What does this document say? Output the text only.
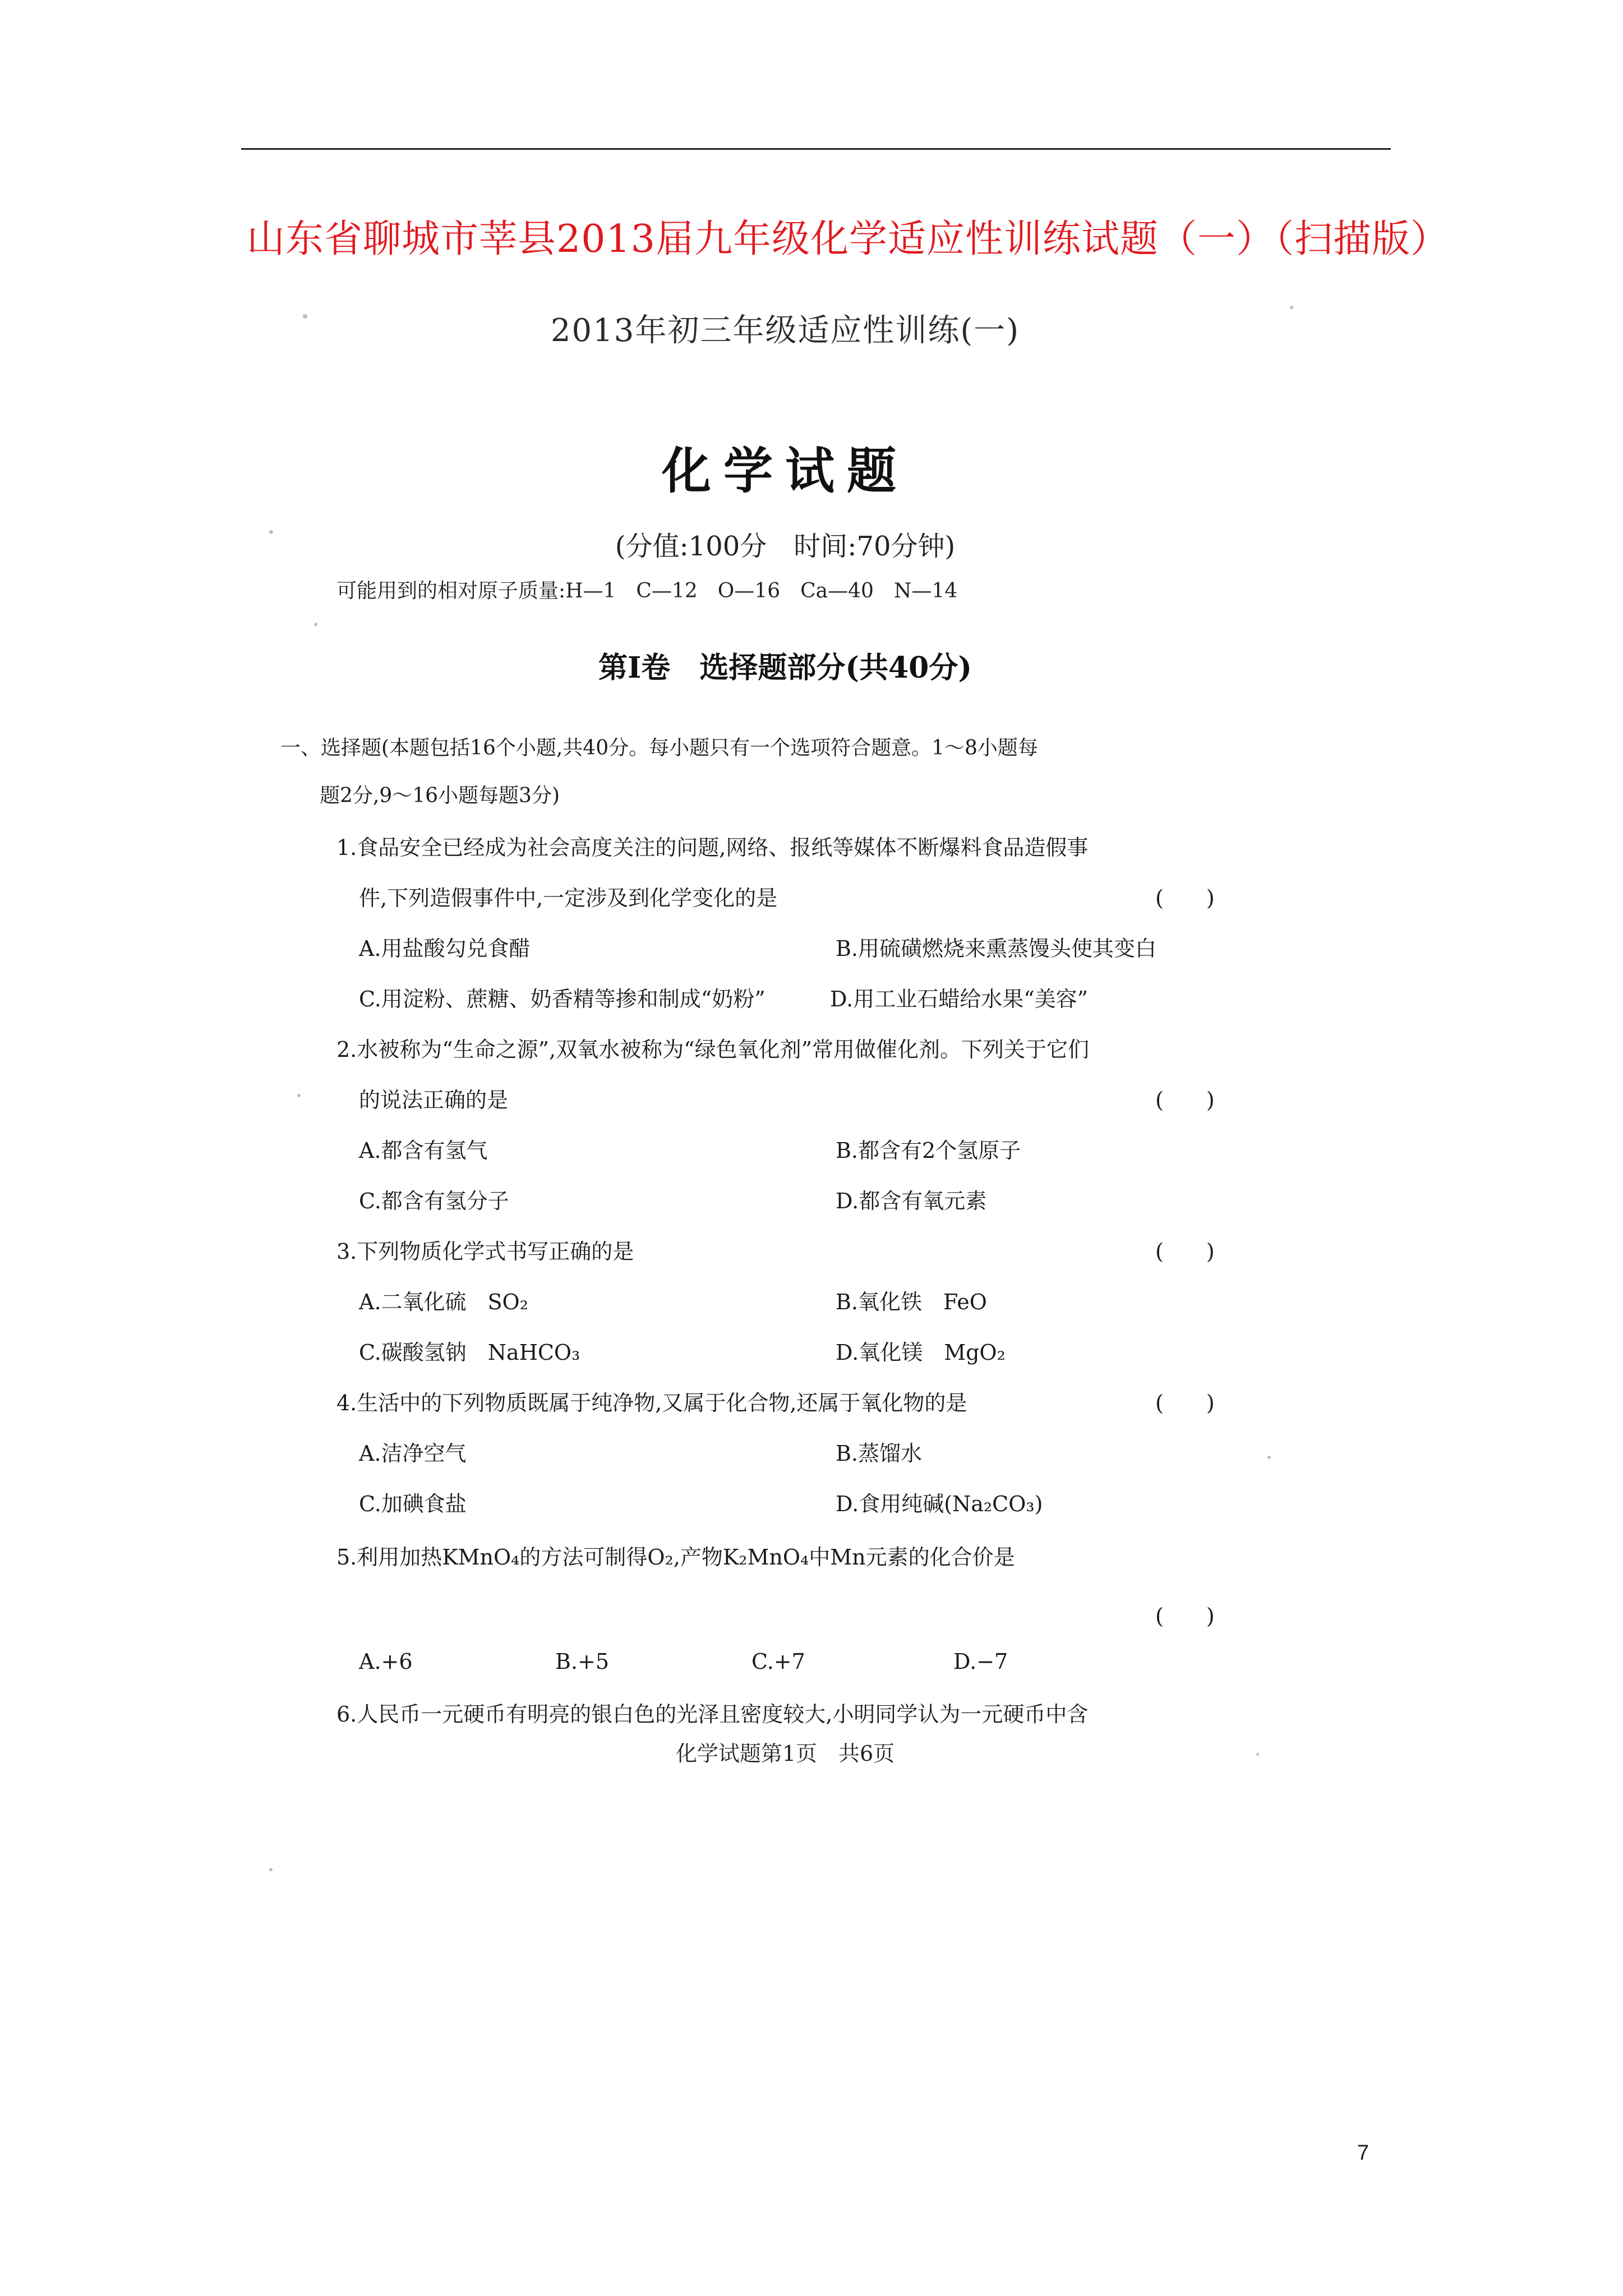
山东省聊城市莘县2013届九年级化学适应性训练试题（一）（扫描版）
2013年初三年级适应性训练(一)
化学试题
(分值:100分　时间:70分钟)
可能用到的相对原子质量:H—1　C—12　O—16　Ca—40　N—14
第Ⅰ卷　选择题部分(共40分)
一、选择题(本题包括16个小题,共40分。每小题只有一个选项符合题意。1～8小题每
题2分,9～16小题每题3分)
1.食品安全已经成为社会高度关注的问题,网络、报纸等媒体不断爆料食品造假事
件,下列造假事件中,一定涉及到化学变化的是	(　　)
A.用盐酸勾兑食醋	B.用硫磺燃烧来熏蒸馒头使其变白
C.用淀粉、蔗糖、奶香精等掺和制成“奶粉”	D.用工业石蜡给水果“美容”
2.水被称为“生命之源”,双氧水被称为“绿色氧化剂”常用做催化剂。下列关于它们
的说法正确的是	(　　)
A.都含有氢气	B.都含有2个氢原子
C.都含有氢分子	D.都含有氧元素
3.下列物质化学式书写正确的是	(　　)
A.二氧化硫　SO₂	B.氧化铁　FeO
C.碳酸氢钠　NaHCO₃	D.氧化镁　MgO₂
4.生活中的下列物质既属于纯净物,又属于化合物,还属于氧化物的是	(　　)
A.洁净空气	B.蒸馏水
C.加碘食盐	D.食用纯碱(Na₂CO₃)
5.利用加热KMnO₄的方法可制得O₂,产物K₂MnO₄中Mn元素的化合价是
(　　)
A.+6	B.+5	C.+7	D.−7
6.人民币一元硬币有明亮的银白色的光泽且密度较大,小明同学认为一元硬币中含
化学试题第1页　共6页
7
